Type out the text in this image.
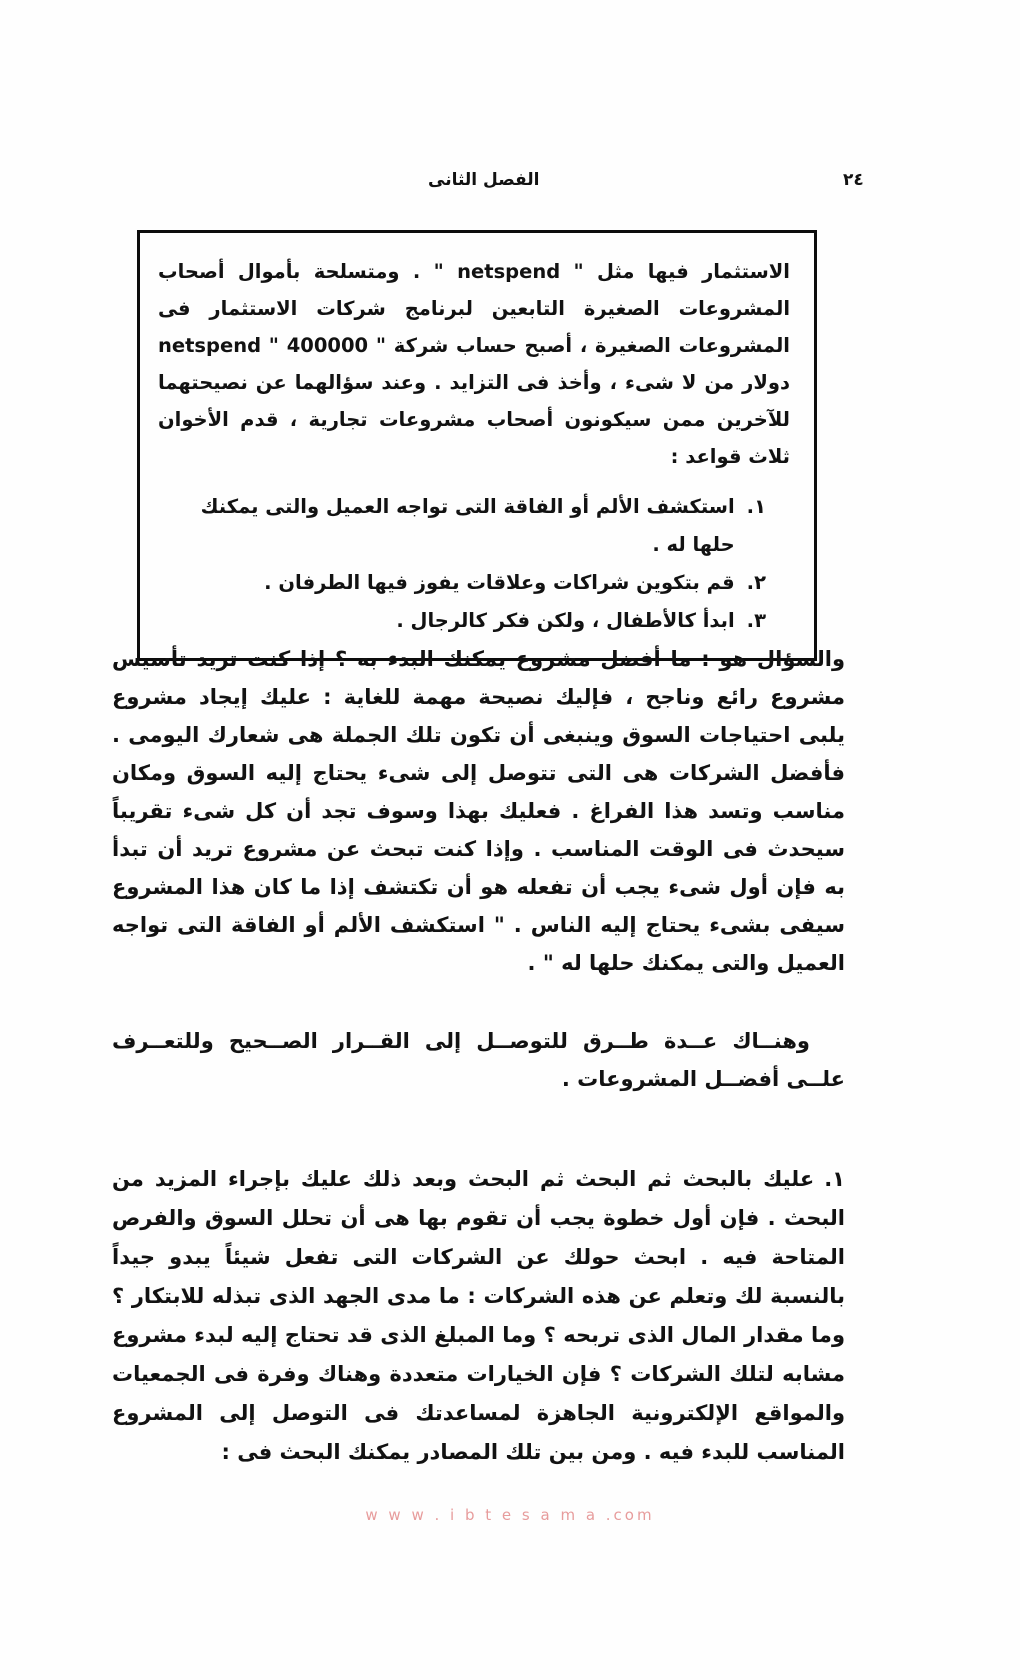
الفصل الثانى	٢٤

الاستثمار فيها مثل " netspend " . ومتسلحة بأموال أصحاب المشروعات الصغيرة التابعين لبرنامج شركات الاستثمار فى المشروعات الصغيرة ، أصبح حساب شركة " netspend " 400000 دولار من لا شىء ، وأخذ فى التزايد . وعند سؤالهما عن نصيحتهما للآخرين ممن سيكونون أصحاب مشروعات تجارية ، قدم الأخوان ثلاث قواعد :

١.
استكشف الألم أو الفاقة التى تواجه العميل والتى يمكنك حلها له .
٢.
قم بتكوين شراكات وعلاقات يفوز فيها الطرفان .
٣.
ابدأ كالأطفال ، ولكن فكر كالرجال .

والسؤال هو : ما أفضل مشروع يمكنك البدء به ؟ إذا كنت تريد تأسيس مشروع رائع وناجح ، فإليك نصيحة مهمة للغاية : عليك إيجاد مشروع يلبى احتياجات السوق وينبغى أن تكون تلك الجملة هى شعارك اليومى . فأفضل الشركات هى التى تتوصل إلى شىء يحتاج إليه السوق ومكان مناسب وتسد هذا الفراغ . فعليك بهذا وسوف تجد أن كل شىء تقريباً سيحدث فى الوقت المناسب . وإذا كنت تبحث عن مشروع تريد أن تبدأ به فإن أول شىء يجب أن تفعله هو أن تكتشف إذا ما كان هذا المشروع سيفى بشىء يحتاج إليه الناس . " استكشف الألم أو الفاقة التى تواجه العميل والتى يمكنك حلها له " .

وهنــاك عــدة طــرق للتوصــل إلى القــرار الصــحيح وللتعــرف علــى أفضــل المشروعات .

١.عليك بالبحث ثم البحث ثم البحث وبعد ذلك عليك بإجراء المزيد من البحث . فإن أول خطوة يجب أن تقوم بها هى أن تحلل السوق والفرص المتاحة فيه . ابحث حولك عن الشركات التى تفعل شيئاً يبدو جيداً بالنسبة لك وتعلم عن هذه الشركات : ما مدى الجهد الذى تبذله للابتكار ؟ وما مقدار المال الذى تربحه ؟ وما المبلغ الذى قد تحتاج إليه لبدء مشروع مشابه لتلك الشركات ؟ فإن الخيارات متعددة وهناك وفرة فى الجمعيات والمواقع الإلكترونية الجاهزة لمساعدتك فى التوصل إلى المشروع المناسب للبدء فيه . ومن بين تلك المصادر يمكنك البحث فى :
w w w . i b t e s a m a .com
